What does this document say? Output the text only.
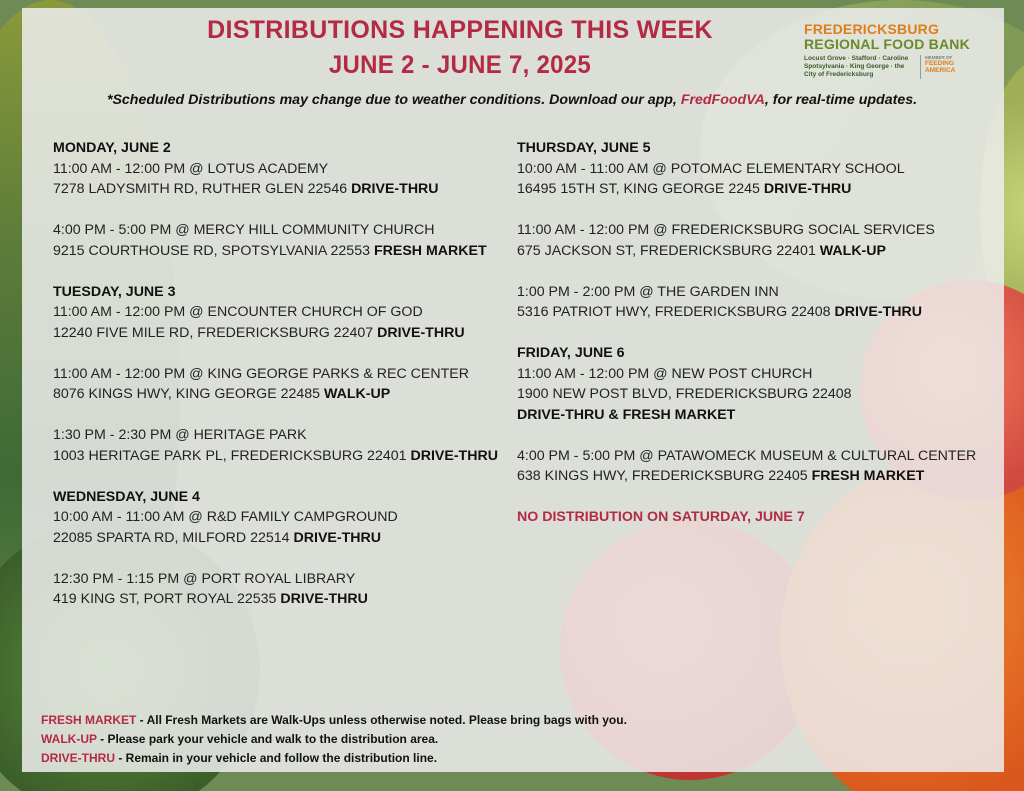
DISTRIBUTIONS HAPPENING THIS WEEK
JUNE 2 - JUNE 7, 2025
FREDERICKSBURG
REGIONAL FOOD BANK
Locust Grove · Stafford · Caroline Spotsylvania · King George · the City of Fredericksburg
MEMBER OF
FEEDING AMERICA
*Scheduled Distributions may change due to weather conditions. Download our app, FredFoodVA, for real-time updates.
MONDAY, JUNE 2
11:00 AM - 12:00 PM @ LOTUS ACADEMY
7278 LADYSMITH RD, RUTHER GLEN 22546 DRIVE-THRU
4:00 PM - 5:00 PM @ MERCY HILL COMMUNITY CHURCH
9215 COURTHOUSE RD, SPOTSYLVANIA 22553 FRESH MARKET
TUESDAY, JUNE 3
11:00 AM - 12:00 PM @ ENCOUNTER CHURCH OF GOD
12240 FIVE MILE RD, FREDERICKSBURG 22407 DRIVE-THRU
11:00 AM - 12:00 PM @ KING GEORGE PARKS & REC CENTER
8076 KINGS HWY, KING GEORGE 22485 WALK-UP
1:30 PM - 2:30 PM @ HERITAGE PARK
1003 HERITAGE PARK PL, FREDERICKSBURG 22401 DRIVE-THRU
WEDNESDAY, JUNE 4
10:00 AM - 11:00 AM @ R&D FAMILY CAMPGROUND
22085 SPARTA RD, MILFORD 22514 DRIVE-THRU
12:30 PM - 1:15 PM @ PORT ROYAL LIBRARY
419 KING ST, PORT ROYAL 22535 DRIVE-THRU
THURSDAY, JUNE 5
10:00 AM - 11:00 AM @ POTOMAC ELEMENTARY SCHOOL
16495 15TH ST, KING GEORGE 2245 DRIVE-THRU
11:00 AM - 12:00 PM @ FREDERICKSBURG SOCIAL SERVICES
675 JACKSON ST, FREDERICKSBURG 22401 WALK-UP
1:00 PM - 2:00 PM @ THE GARDEN INN
5316 PATRIOT HWY, FREDERICKSBURG 22408 DRIVE-THRU
FRIDAY, JUNE 6
11:00 AM - 12:00 PM @ NEW POST CHURCH
1900 NEW POST BLVD, FREDERICKSBURG 22408
DRIVE-THRU & FRESH MARKET
4:00 PM - 5:00 PM @ PATAWOMECK MUSEUM & CULTURAL CENTER
638 KINGS HWY, FREDERICKSBURG 22405 FRESH MARKET
NO DISTRIBUTION ON SATURDAY, JUNE 7
FRESH MARKET - All Fresh Markets are Walk-Ups unless otherwise noted. Please bring bags with you.
WALK-UP - Please park your vehicle and walk to the distribution area.
DRIVE-THRU - Remain in your vehicle and follow the distribution line.
